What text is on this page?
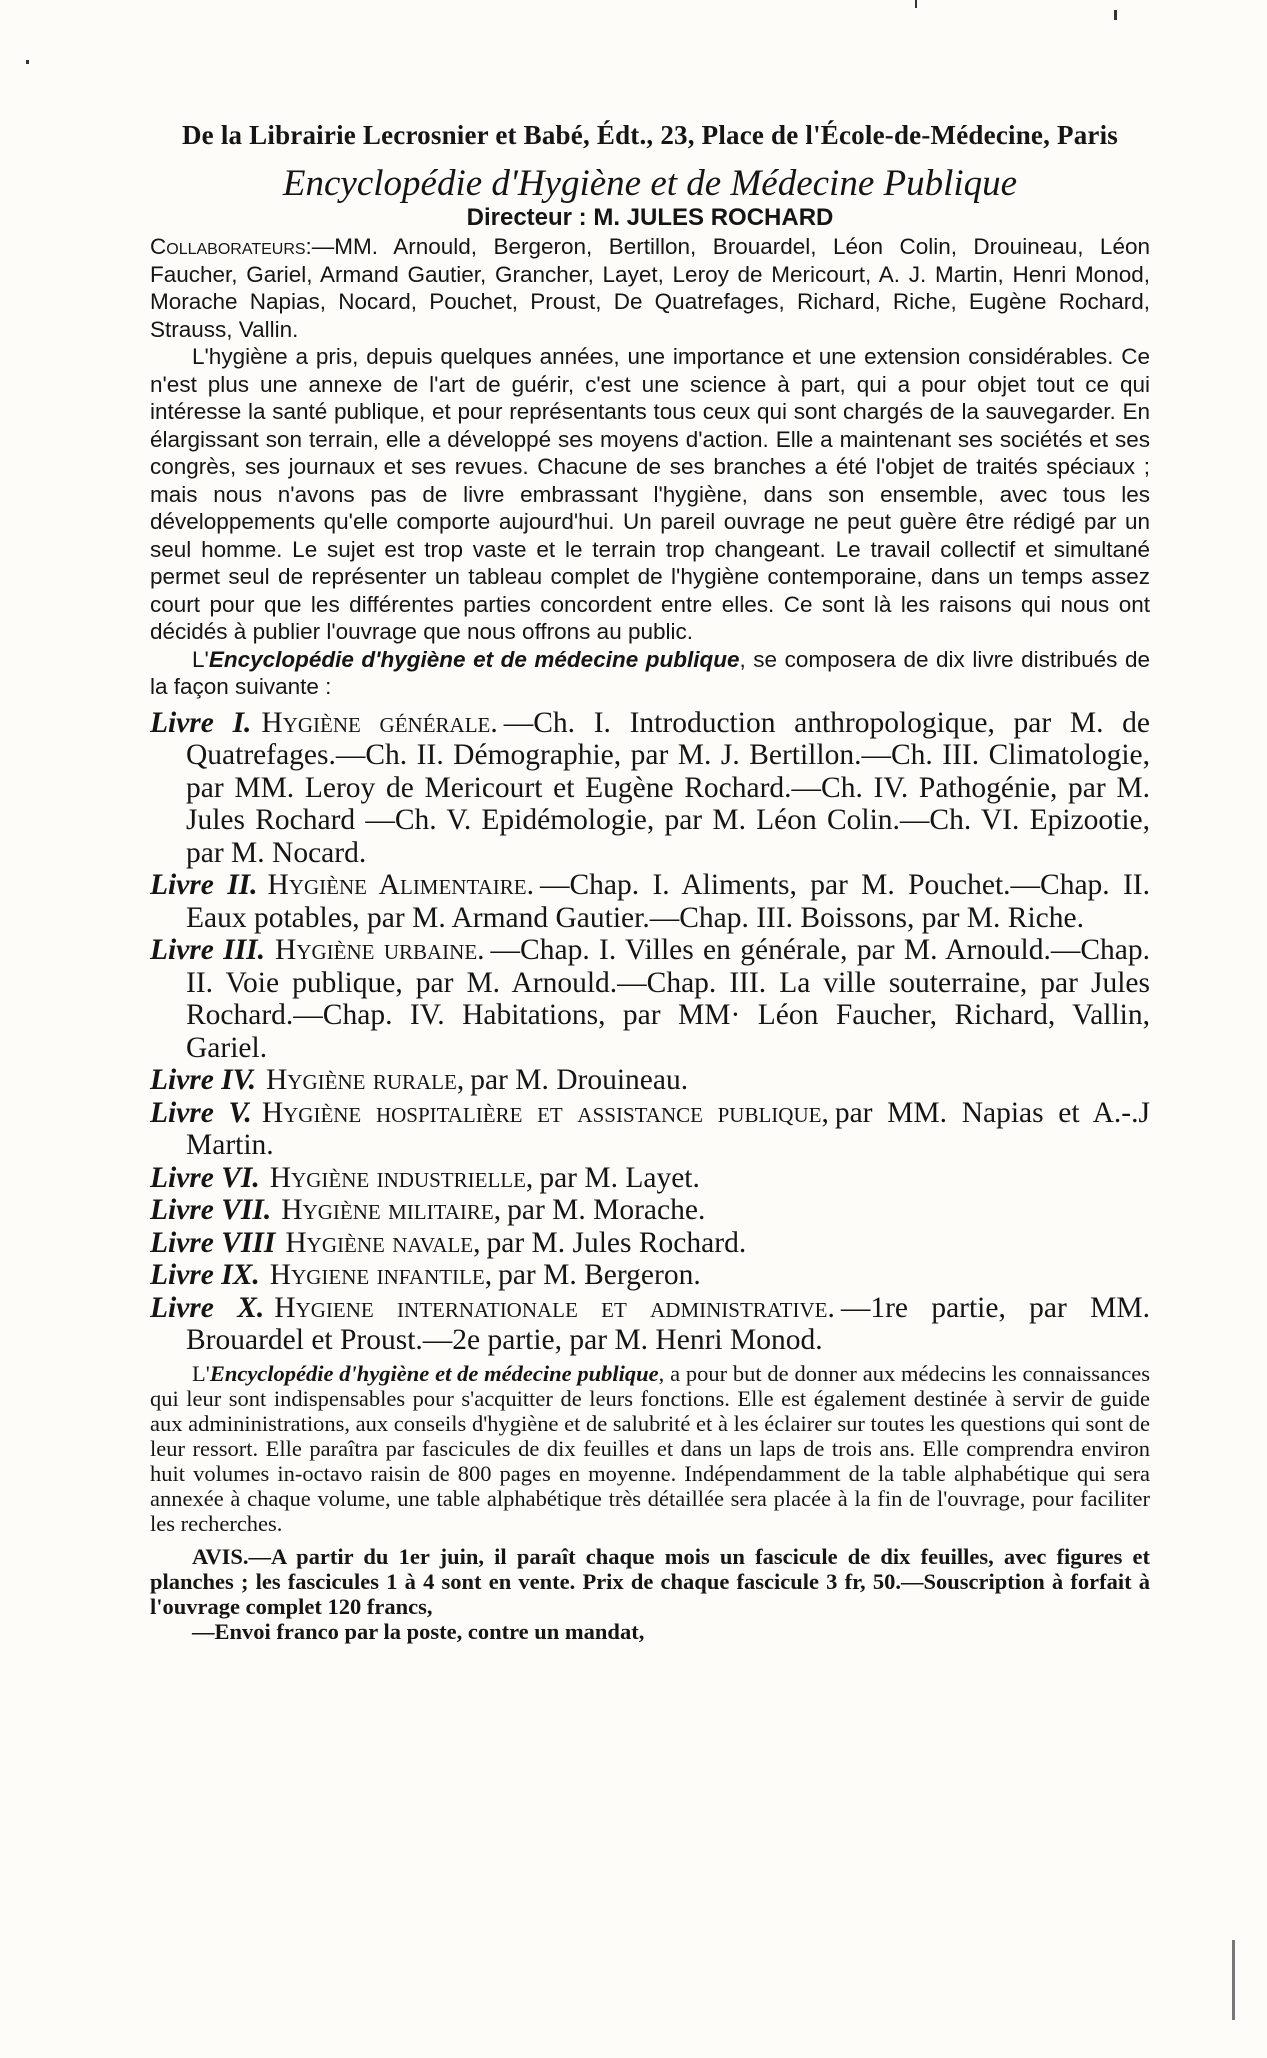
De la Librairie Lecrosnier et Babé, Édt., 23, Place de l'École-de-Médecine, Paris
Encyclopédie d'Hygiène et de Médecine Publique
Directeur : M. JULES ROCHARD
Collaborateurs:—MM. Arnould, Bergeron, Bertillon, Brouardel, Léon Colin, Drouineau, Léon Faucher, Gariel, Armand Gautier, Grancher, Layet, Leroy de Mericourt, A. J. Martin, Henri Monod, Morache Napias, Nocard, Pouchet, Proust, De Quatrefages, Richard, Riche, Eugène Rochard, Strauss, Vallin.
L'hygiène a pris, depuis quelques années, une importance et une extension considérables. Ce n'est plus une annexe de l'art de guérir, c'est une science à part, qui a pour objet tout ce qui intéresse la santé publique, et pour représentants tous ceux qui sont chargés de la sauvegarder. En élargissant son terrain, elle a développé ses moyens d'action. Elle a maintenant ses sociétés et ses congrès, ses journaux et ses revues. Chacune de ses branches a été l'objet de traités spéciaux ; mais nous n'avons pas de livre embrassant l'hygiène, dans son ensemble, avec tous les développements qu'elle comporte aujourd'hui. Un pareil ouvrage ne peut guère être rédigé par un seul homme. Le sujet est trop vaste et le terrain trop changeant. Le travail collectif et simultané permet seul de représenter un tableau complet de l'hygiène contemporaine, dans un temps assez court pour que les différentes parties concordent entre elles. Ce sont là les raisons qui nous ont décidés à publier l'ouvrage que nous offrons au public.
L'Encyclopédie d'hygiène et de médecine publique, se composera de dix livre distribués de la façon suivante :
Livre I. Hygiène générale. —Ch. I. Introduction anthropologique, par M. de Quatrefages.—Ch. II. Démographie, par M. J. Bertillon.—Ch. III. Climatologie, par MM. Leroy de Mericourt et Eugène Rochard.—Ch. IV. Pathogénie, par M. Jules Rochard —Ch. V. Epidémologie, par M. Léon Colin.—Ch. VI. Epizootie, par M. Nocard.
Livre II. Hygiène Alimentaire. —Chap. I. Aliments, par M. Pouchet.—Chap. II. Eaux potables, par M. Armand Gautier.—Chap. III. Boissons, par M. Riche.
Livre III. Hygiène urbaine. —Chap. I. Villes en générale, par M. Arnould.—Chap. II. Voie publique, par M. Arnould.—Chap. III. La ville souterraine, par Jules Rochard.—Chap. IV. Habitations, par MM· Léon Faucher, Richard, Vallin, Gariel.
Livre IV. Hygiène rurale, par M. Drouineau.
Livre V. Hygiène hospitalière et assistance publique, par MM. Napias et A.-.J Martin.
Livre VI. Hygiène industrielle, par M. Layet.
Livre VII. Hygiène militaire, par M. Morache.
Livre VIII Hygiène navale, par M. Jules Rochard.
Livre IX. Hygiene infantile, par M. Bergeron.
Livre X. Hygiene internationale et administrative. —1re partie, par MM. Brouardel et Proust.—2e partie, par M. Henri Monod.
L'Encyclopédie d'hygiène et de médecine publique, a pour but de donner aux médecins les connaissances qui leur sont indispensables pour s'acquitter de leurs fonctions. Elle est également destinée à servir de guide aux admininistrations, aux conseils d'hygiène et de salubrité et à les éclairer sur toutes les questions qui sont de leur ressort. Elle paraîtra par fascicules de dix feuilles et dans un laps de trois ans. Elle comprendra environ huit volumes in-octavo raisin de 800 pages en moyenne. Indépendamment de la table alphabétique qui sera annexée à chaque volume, une table alphabétique très détaillée sera placée à la fin de l'ouvrage, pour faciliter les recherches.
AVIS.—A partir du 1er juin, il paraît chaque mois un fascicule de dix feuilles, avec figures et planches ; les fascicules 1 à 4 sont en vente. Prix de chaque fascicule 3 fr, 50.—Souscription à forfait à l'ouvrage complet 120 francs,
—Envoi franco par la poste, contre un mandat,
